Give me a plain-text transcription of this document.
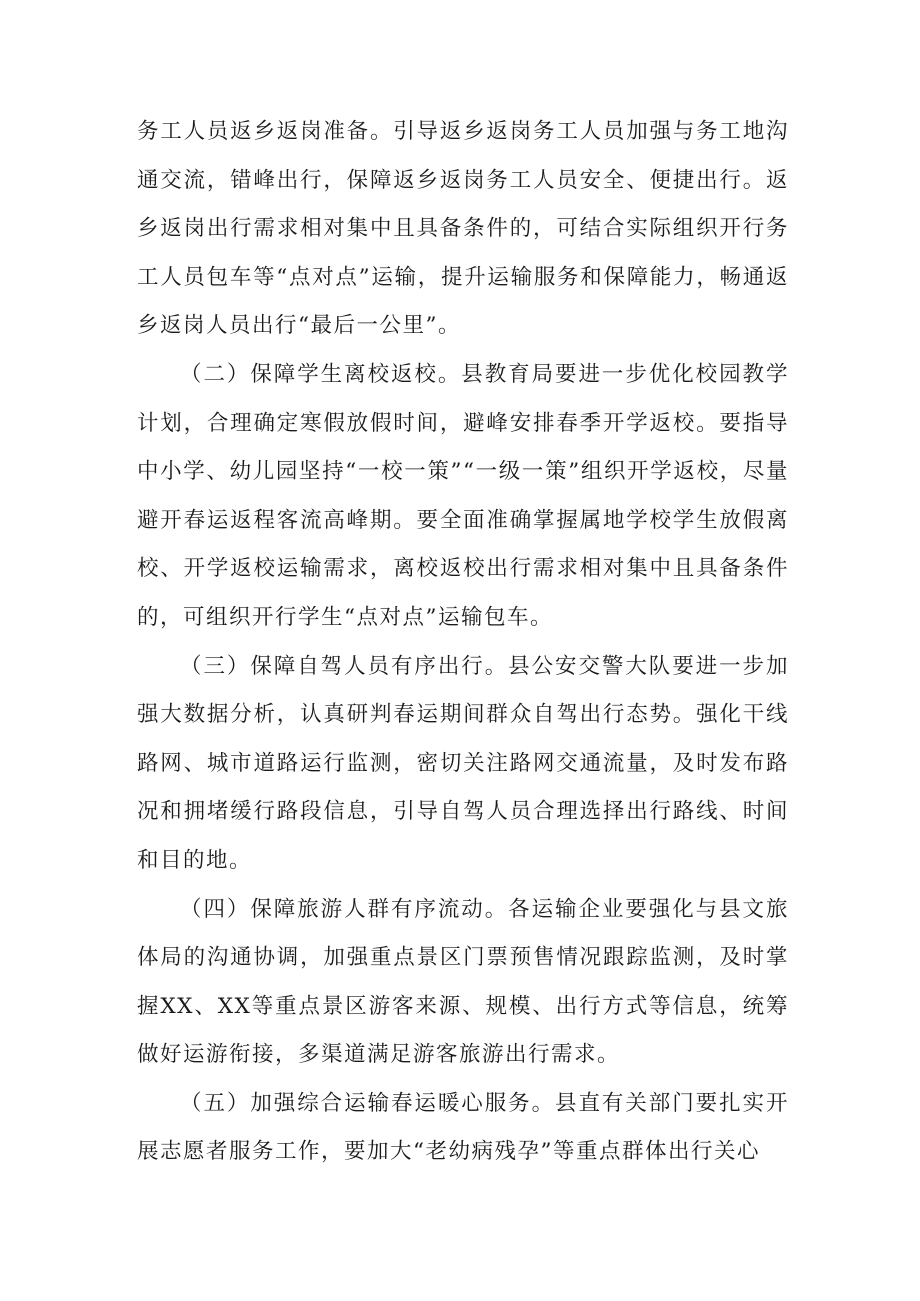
务工人员返乡返岗准备。引导返乡返岗务工人员加强与务工地沟通交流，错峰出行，保障返乡返岗务工人员安全、便捷出行。返乡返岗出行需求相对集中且具备条件的，可结合实际组织开行务工人员包车等“点对点”运输，提升运输服务和保障能力，畅通返乡返岗人员出行“最后一公里”。

（二）保障学生离校返校。县教育局要进一步优化校园教学计划，合理确定寒假放假时间，避峰安排春季开学返校。要指导中小学、幼儿园坚持“一校一策”“一级一策”组织开学返校，尽量避开春运返程客流高峰期。要全面准确掌握属地学校学生放假离校、开学返校运输需求，离校返校出行需求相对集中且具备条件的，可组织开行学生“点对点”运输包车。

（三）保障自驾人员有序出行。县公安交警大队要进一步加强大数据分析，认真研判春运期间群众自驾出行态势。强化干线路网、城市道路运行监测，密切关注路网交通流量，及时发布路况和拥堵缓行路段信息，引导自驾人员合理选择出行路线、时间和目的地。

（四）保障旅游人群有序流动。各运输企业要强化与县文旅体局的沟通协调，加强重点景区门票预售情况跟踪监测，及时掌握XX、XX等重点景区游客来源、规模、出行方式等信息，统筹做好运游衔接，多渠道满足游客旅游出行需求。

（五）加强综合运输春运暖心服务。县直有关部门要扎实开展志愿者服务工作，要加大“老幼病残孕”等重点群体出行关心
